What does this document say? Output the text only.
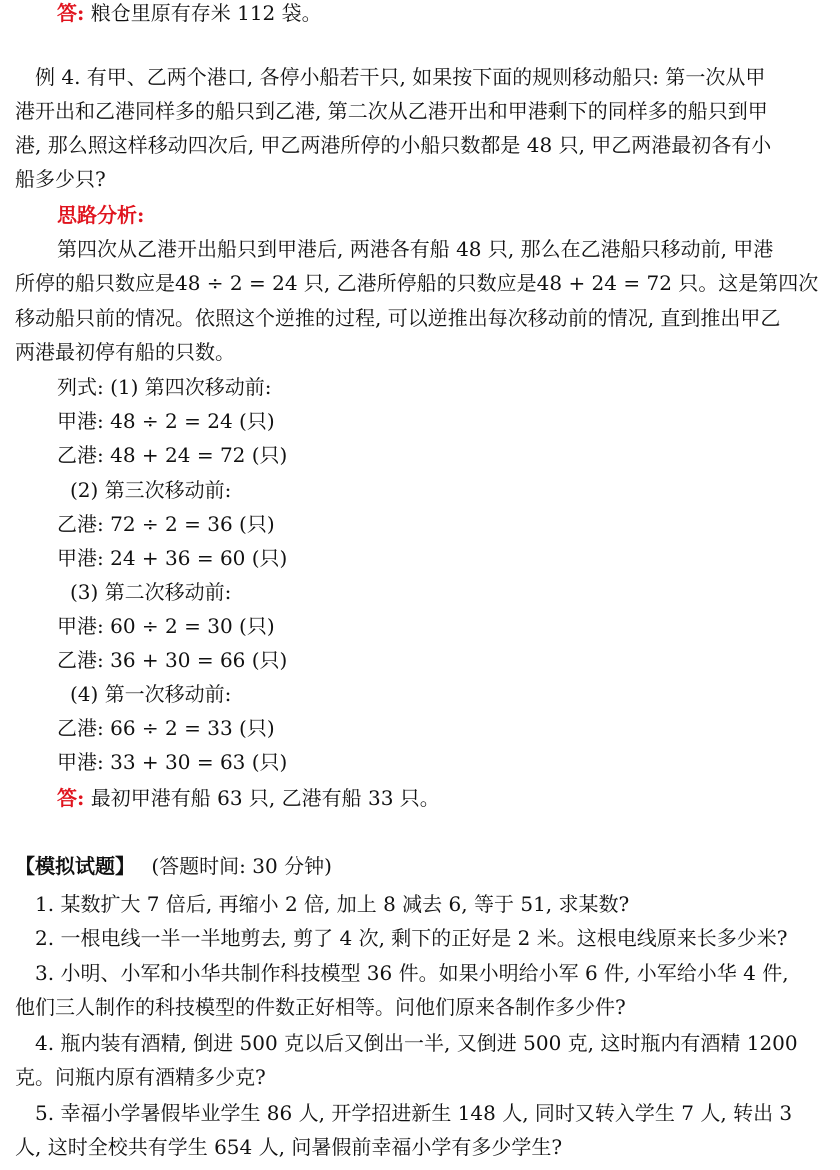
答: 粮仓里原有存米 112 袋。
例 4. 有甲、乙两个港口, 各停小船若干只, 如果按下面的规则移动船只: 第一次从甲
港开出和乙港同样多的船只到乙港, 第二次从乙港开出和甲港剩下的同样多的船只到甲
港, 那么照这样移动四次后, 甲乙两港所停的小船只数都是 48 只, 甲乙两港最初各有小
船多少只?
思路分析:
第四次从乙港开出船只到甲港后, 两港各有船 48 只, 那么在乙港船只移动前, 甲港
所停的船只数应是48 ÷ 2 = 24 只, 乙港所停船的只数应是48 + 24 = 72 只。这是第四次
移动船只前的情况。依照这个逆推的过程, 可以逆推出每次移动前的情况, 直到推出甲乙
两港最初停有船的只数。
列式: (1) 第四次移动前:
甲港: 48 ÷ 2 = 24 (只)
乙港: 48 + 24 = 72 (只)
(2) 第三次移动前:
乙港: 72 ÷ 2 = 36 (只)
甲港: 24 + 36 = 60 (只)
(3) 第二次移动前:
甲港: 60 ÷ 2 = 30 (只)
乙港: 36 + 30 = 66 (只)
(4) 第一次移动前:
乙港: 66 ÷ 2 = 33 (只)
甲港: 33 + 30 = 63 (只)
答: 最初甲港有船 63 只, 乙港有船 33 只。
【模拟试题】 (答题时间: 30 分钟)
1. 某数扩大 7 倍后, 再缩小 2 倍, 加上 8 减去 6, 等于 51, 求某数?
2. 一根电线一半一半地剪去, 剪了 4 次, 剩下的正好是 2 米。这根电线原来长多少米?
3. 小明、小军和小华共制作科技模型 36 件。如果小明给小军 6 件, 小军给小华 4 件,
他们三人制作的科技模型的件数正好相等。问他们原来各制作多少件?
4. 瓶内装有酒精, 倒进 500 克以后又倒出一半, 又倒进 500 克, 这时瓶内有酒精 1200
克。问瓶内原有酒精多少克?
5. 幸福小学暑假毕业学生 86 人, 开学招进新生 148 人, 同时又转入学生 7 人, 转出 3
人, 这时全校共有学生 654 人, 问暑假前幸福小学有多少学生?
